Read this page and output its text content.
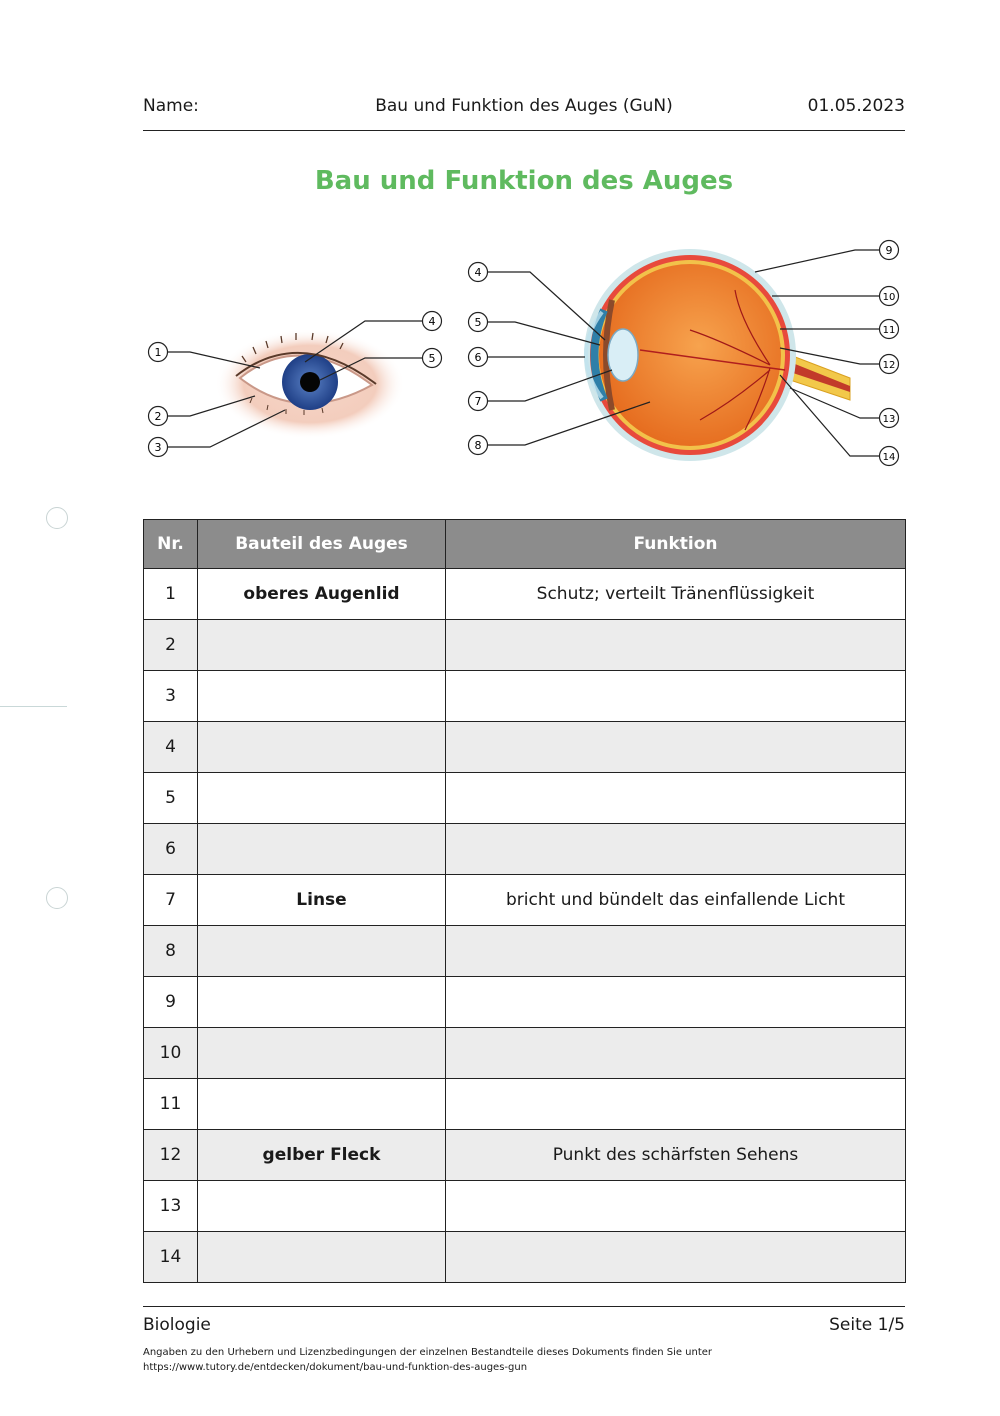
Name:	Bau und Funktion des Auges (GuN)	01.05.2023
Bau und Funktion des Auges
1
2
3
4
5
4
5
6
7
8
9
10
11
12
13
14
Nr.	Bauteil des Auges	Funktion
1	oberes Augenlid	Schutz; verteilt Tränenflüssigkeit
2		
3		
4		
5		
6		
7	Linse	bricht und bündelt das einfallende Licht
8		
9		
10		
11		
12	gelber Fleck	Punkt des schärfsten Sehens
13		
14		
Biologie	Seite 1/5
Angaben zu den Urhebern und Lizenzbedingungen der einzelnen Bestandteile dieses Dokuments finden Sie unter
https://www.tutory.de/entdecken/dokument/bau-und-funktion-des-auges-gun
